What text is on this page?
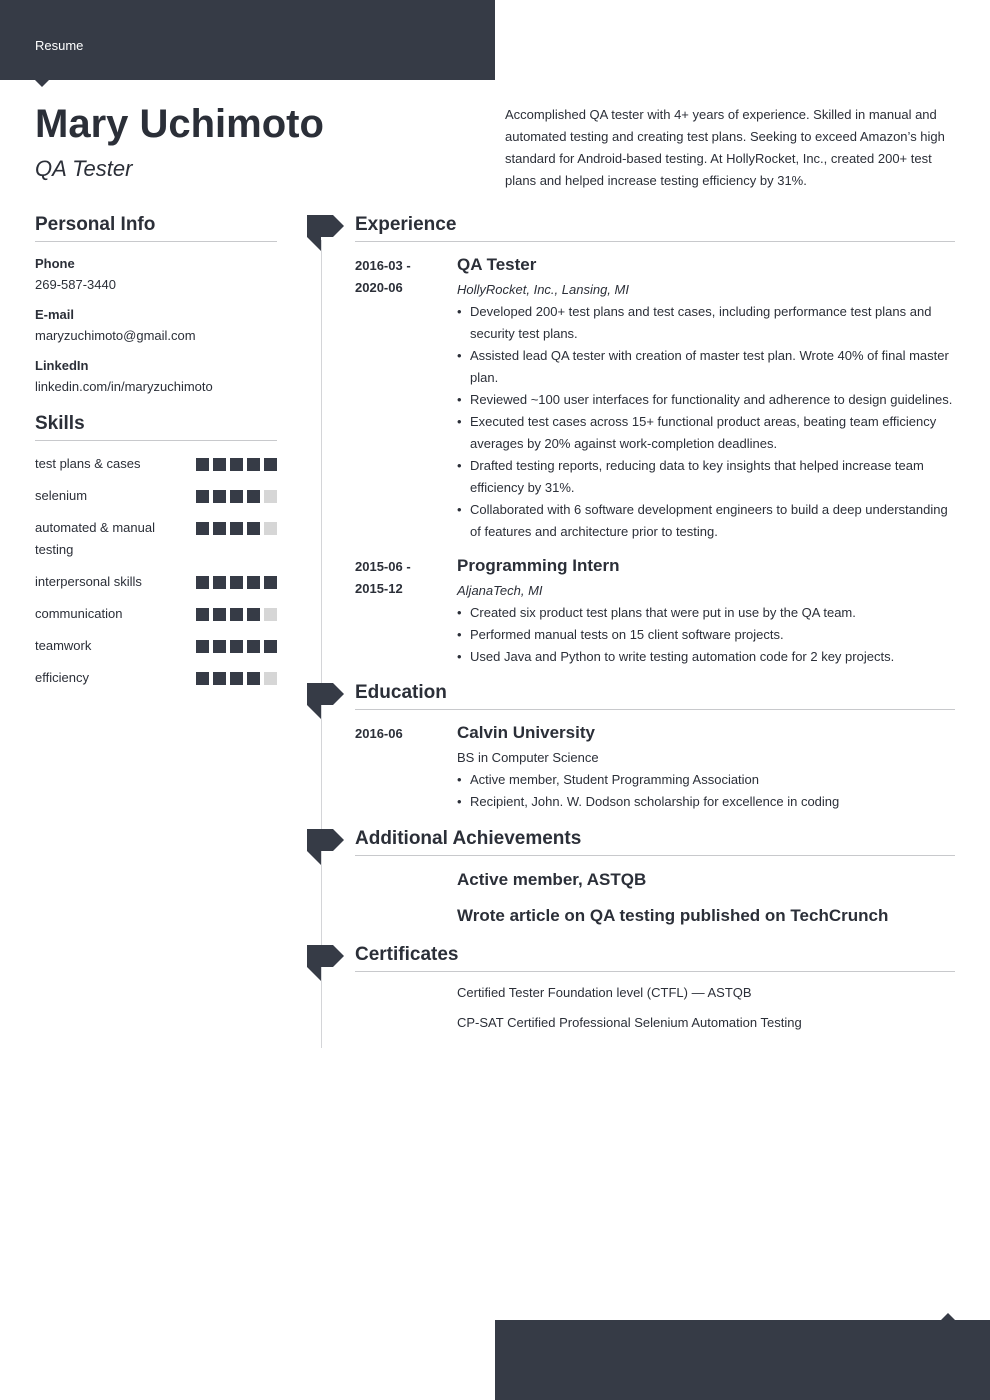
Resume
Mary Uchimoto

QA Tester

Accomplished QA tester with 4+ years of experience. Skilled in manual and automated testing and creating test plans. Seeking to exceed Amazon’s high standard for Android-based testing. At HollyRocket, Inc., created 200+ test plans and helped increase testing efficiency by 31%.

Personal Info

Phone

269-587-3440

E-mail

maryzuchimoto@gmail.com

LinkedIn

linkedin.com/in/maryzuchimoto

Skills
test plans & cases
selenium
automated & manual testing
interpersonal skills
communication
teamwork
efficiency
Experience
2016-03 - 2020-06

QA Tester

HollyRocket, Inc., Lansing, MI

• Developed 200+ test plans and test cases, including performance test plans and security test plans.
• Assisted lead QA tester with creation of master test plan. Wrote 40% of final master plan.
• Reviewed ~100 user interfaces for functionality and adherence to design guidelines.
• Executed test cases across 15+ functional product areas, beating team efficiency averages by 20% against work-completion deadlines.
• Drafted testing reports, reducing data to key insights that helped increase team efficiency by 31%.
• Collaborated with 6 software development engineers to build a deep understanding of features and architecture prior to testing.
2015-06 - 2015-12

Programming Intern

AljanaTech, MI

• Created six product test plans that were put in use by the QA team.
• Performed manual tests on 15 client software projects.
• Used Java and Python to write testing automation code for 2 key projects.
Education
2016-06	Calvin University

BS in Computer Science

• Active member, Student Programming Association
• Recipient, John. W. Dodson scholarship for excellence in coding
Additional Achievements

Active member, ASTQB

Wrote article on QA testing published on TechCrunch

Certificates

Certified Tester Foundation level (CTFL) — ASTQB

CP-SAT Certified Professional Selenium Automation Testing
